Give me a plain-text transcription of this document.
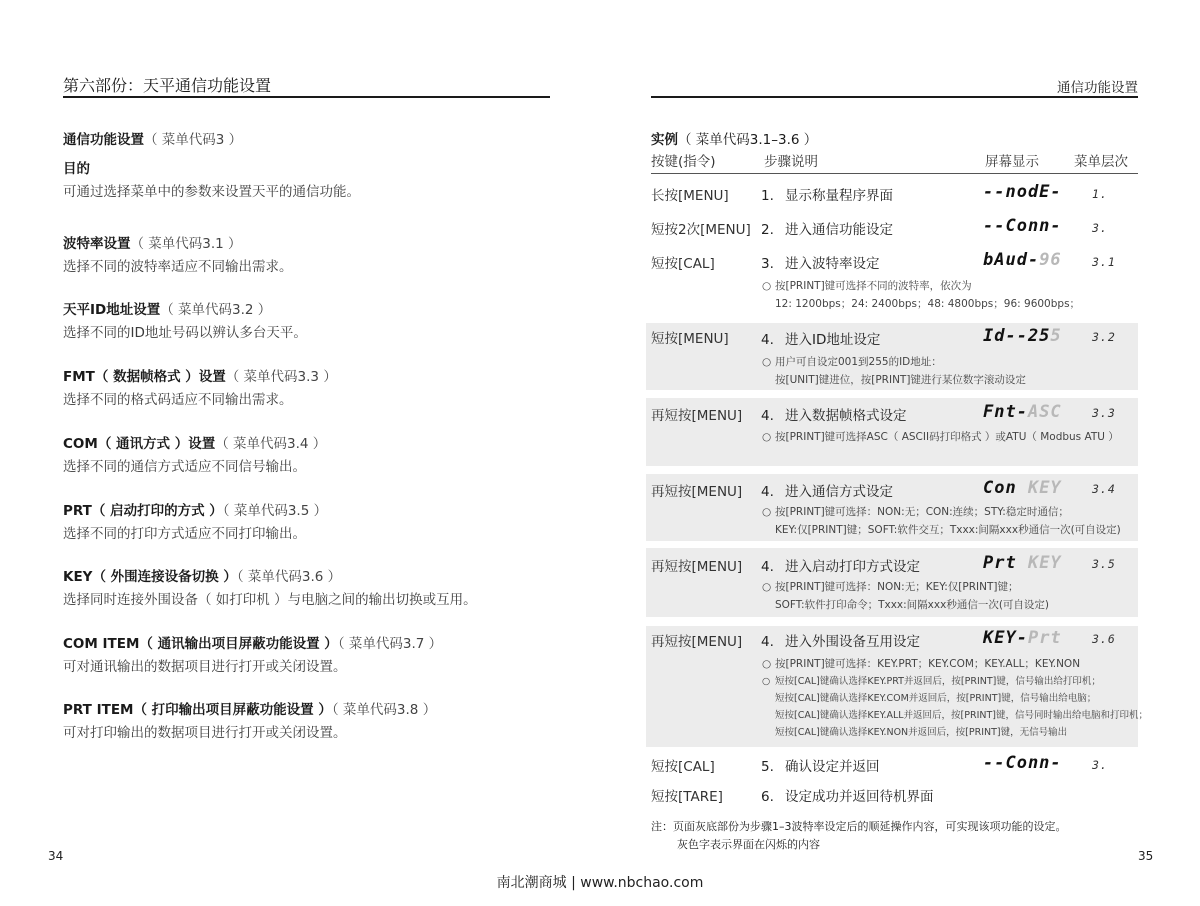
第六部份：天平通信功能设置
通信功能设置（ 菜单代码3 ）
目的
可通过选择菜单中的参数来设置天平的通信功能。
波特率设置（ 菜单代码3.1 ）
选择不同的波特率适应不同输出需求。
天平ID地址设置（ 菜单代码3.2 ）
选择不同的ID地址号码以辨认多台天平。
FMT（ 数据帧格式 ）设置（ 菜单代码3.3 ）
选择不同的格式码适应不同输出需求。
COM（ 通讯方式 ）设置（ 菜单代码3.4 ）
选择不同的通信方式适应不同信号输出。
PRT（ 启动打印的方式 ）（ 菜单代码3.5 ）
选择不同的打印方式适应不同打印输出。
KEY（ 外围连接设备切换 ）（ 菜单代码3.6 ）
选择同时连接外围设备（ 如打印机 ）与电脑之间的输出切换或互用。
COM ITEM（ 通讯输出项目屏蔽功能设置 ）（ 菜单代码3.7 ）
可对通讯输出的数据项目进行打开或关闭设置。
PRT ITEM（ 打印输出项目屏蔽功能设置 ）（ 菜单代码3.8 ）
可对打印输出的数据项目进行打开或关闭设置。
34
通信功能设置
实例（ 菜单代码3.1–3.6 ）
按键(指令)	步骤说明	屏幕显示	菜单层次
长按[MENU] 1. 显示称量程序界面	--nodE-	1.
短按2次[MENU] 2. 进入通信功能设定	--Conn-	3.
短按[CAL]	3. 进入波特率设定	bAud-96	3.1
○ 按[PRINT]键可选择不同的波特率，依次为
12: 1200bps；24: 2400bps；48: 4800bps；96: 9600bps；
短按[MENU] 4. 进入ID地址设定	Id--255	3.2
○ 用户可自设定001到255的ID地址：
按[UNIT]键进位，按[PRINT]键进行某位数字滚动设定
再短按[MENU] 4. 进入数据帧格式设定	Fnt-ASC	3.3
○ 按[PRINT]键可选择ASC（ ASCII码打印格式 ）或ATU（ Modbus ATU ）
再短按[MENU] 4. 进入通信方式设定	Con KEY	3.4
○ 按[PRINT]键可选择：NON:无；CON:连续；STY:稳定时通信；
KEY:仅[PRINT]键；SOFT:软件交互；Txxx:间隔xxx秒通信一次(可自设定)
再短按[MENU] 4. 进入启动打印方式设定	Prt KEY	3.5
○ 按[PRINT]键可选择：NON:无；KEY:仅[PRINT]键；
SOFT:软件打印命令；Txxx:间隔xxx秒通信一次(可自设定)
再短按[MENU] 4. 进入外围设备互用设定	KEY-Prt	3.6
○ 按[PRINT]键可选择：KEY.PRT；KEY.COM；KEY.ALL；KEY.NON
○ 短按[CAL]键确认选择KEY.PRT并返回后，按[PRINT]键，信号输出给打印机；
短按[CAL]键确认选择KEY.COM并返回后，按[PRINT]键，信号输出给电脑；
短按[CAL]键确认选择KEY.ALL并返回后，按[PRINT]键，信号同时输出给电脑和打印机；
短按[CAL]键确认选择KEY.NON并返回后，按[PRINT]键，无信号输出
短按[CAL]	5. 确认设定并返回	--Conn-	3.
短按[TARE]	6. 设定成功并返回待机界面
注：页面灰底部份为步骤1–3波特率设定后的顺延操作内容，可实现该项功能的设定。
灰色字表示界面在闪烁的内容
35
南北潮商城 | www.nbchao.com
